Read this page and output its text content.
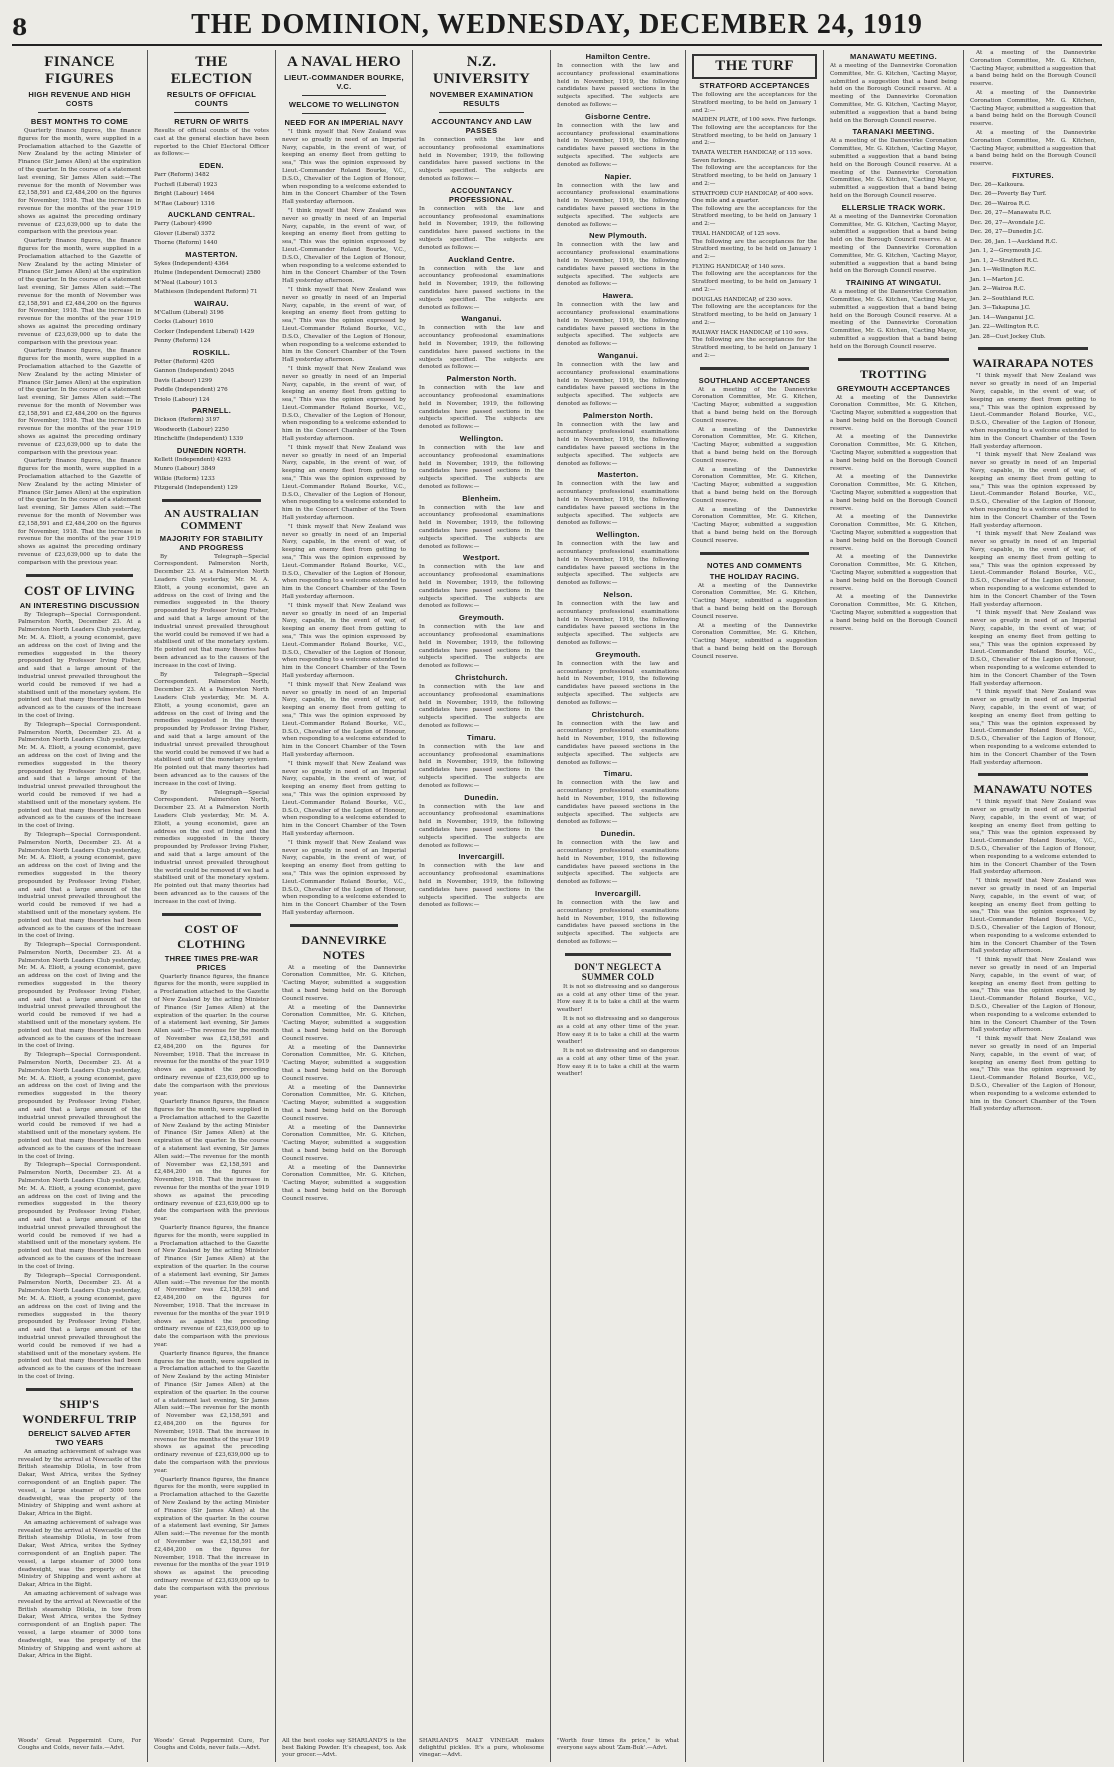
8	THE DOMINION, WEDNESDAY, DECEMBER 24, 1919
FINANCE FIGURES
HIGH REVENUE AND HIGH COSTS
BEST MONTHS TO COME

Quarterly finance figures, the finance figures for the month, were supplied in a Proclamation attached to the Gazette of New Zealand by the acting Minister of Finance (Sir James Allen) at the expiration of the quarter. In the course of a statement last evening, Sir James Allen said:—The revenue for the month of November was £2,158,591 and £2,484,200 on the figures for November, 1918. That the increase in revenue for the months of the year 1919 shows as against the preceding ordinary revenue of £23,639,000 up to date the comparison with the previous year.

Quarterly finance figures, the finance figures for the month, were supplied in a Proclamation attached to the Gazette of New Zealand by the acting Minister of Finance (Sir James Allen) at the expiration of the quarter. In the course of a statement last evening, Sir James Allen said:—The revenue for the month of November was £2,158,591 and £2,484,200 on the figures for November, 1918. That the increase in revenue for the months of the year 1919 shows as against the preceding ordinary revenue of £23,639,000 up to date the comparison with the previous year.

Quarterly finance figures, the finance figures for the month, were supplied in a Proclamation attached to the Gazette of New Zealand by the acting Minister of Finance (Sir James Allen) at the expiration of the quarter. In the course of a statement last evening, Sir James Allen said:—The revenue for the month of November was £2,158,591 and £2,484,200 on the figures for November, 1918. That the increase in revenue for the months of the year 1919 shows as against the preceding ordinary revenue of £23,639,000 up to date the comparison with the previous year.

Quarterly finance figures, the finance figures for the month, were supplied in a Proclamation attached to the Gazette of New Zealand by the acting Minister of Finance (Sir James Allen) at the expiration of the quarter. In the course of a statement last evening, Sir James Allen said:—The revenue for the month of November was £2,158,591 and £2,484,200 on the figures for November, 1918. That the increase in revenue for the months of the year 1919 shows as against the preceding ordinary revenue of £23,639,000 up to date the comparison with the previous year.

COST OF LIVING
AN INTERESTING DISCUSSION

By Telegraph—Special Correspondent. Palmerston North, December 23. At a Palmerston North Leaders Club yesterday, Mr. M. A. Eliott, a young economist, gave an address on the cost of living and the remedies suggested in the theory propounded by Professor Irving Fisher, and said that a large amount of the industrial unrest prevailed throughout the world could be removed if we had a stabilised unit of the monetary system. He pointed out that many theories had been advanced as to the causes of the increase in the cost of living.

By Telegraph—Special Correspondent. Palmerston North, December 23. At a Palmerston North Leaders Club yesterday, Mr. M. A. Eliott, a young economist, gave an address on the cost of living and the remedies suggested in the theory propounded by Professor Irving Fisher, and said that a large amount of the industrial unrest prevailed throughout the world could be removed if we had a stabilised unit of the monetary system. He pointed out that many theories had been advanced as to the causes of the increase in the cost of living.

By Telegraph—Special Correspondent. Palmerston North, December 23. At a Palmerston North Leaders Club yesterday, Mr. M. A. Eliott, a young economist, gave an address on the cost of living and the remedies suggested in the theory propounded by Professor Irving Fisher, and said that a large amount of the industrial unrest prevailed throughout the world could be removed if we had a stabilised unit of the monetary system. He pointed out that many theories had been advanced as to the causes of the increase in the cost of living.

By Telegraph—Special Correspondent. Palmerston North, December 23. At a Palmerston North Leaders Club yesterday, Mr. M. A. Eliott, a young economist, gave an address on the cost of living and the remedies suggested in the theory propounded by Professor Irving Fisher, and said that a large amount of the industrial unrest prevailed throughout the world could be removed if we had a stabilised unit of the monetary system. He pointed out that many theories had been advanced as to the causes of the increase in the cost of living.

By Telegraph—Special Correspondent. Palmerston North, December 23. At a Palmerston North Leaders Club yesterday, Mr. M. A. Eliott, a young economist, gave an address on the cost of living and the remedies suggested in the theory propounded by Professor Irving Fisher, and said that a large amount of the industrial unrest prevailed throughout the world could be removed if we had a stabilised unit of the monetary system. He pointed out that many theories had been advanced as to the causes of the increase in the cost of living.

By Telegraph—Special Correspondent. Palmerston North, December 23. At a Palmerston North Leaders Club yesterday, Mr. M. A. Eliott, a young economist, gave an address on the cost of living and the remedies suggested in the theory propounded by Professor Irving Fisher, and said that a large amount of the industrial unrest prevailed throughout the world could be removed if we had a stabilised unit of the monetary system. He pointed out that many theories had been advanced as to the causes of the increase in the cost of living.

By Telegraph—Special Correspondent. Palmerston North, December 23. At a Palmerston North Leaders Club yesterday, Mr. M. A. Eliott, a young economist, gave an address on the cost of living and the remedies suggested in the theory propounded by Professor Irving Fisher, and said that a large amount of the industrial unrest prevailed throughout the world could be removed if we had a stabilised unit of the monetary system. He pointed out that many theories had been advanced as to the causes of the increase in the cost of living.

SHIP'S WONDERFUL TRIP
DERELICT SALVED AFTER TWO YEARS

An amazing achievement of salvage was revealed by the arrival at Newcastle of the British steamship Dilolia, in tow from Dakar, West Africa, writes the Sydney correspondent of an English paper. The vessel, a large steamer of 3000 tons deadweight, was the property of the Ministry of Shipping and went ashore at Dakar, Africa in the Bight.

An amazing achievement of salvage was revealed by the arrival at Newcastle of the British steamship Dilolia, in tow from Dakar, West Africa, writes the Sydney correspondent of an English paper. The vessel, a large steamer of 3000 tons deadweight, was the property of the Ministry of Shipping and went ashore at Dakar, Africa in the Bight.

An amazing achievement of salvage was revealed by the arrival at Newcastle of the British steamship Dilolia, in tow from Dakar, West Africa, writes the Sydney correspondent of an English paper. The vessel, a large steamer of 3000 tons deadweight, was the property of the Ministry of Shipping and went ashore at Dakar, Africa in the Bight.

Woods' Great Peppermint Cure, For Coughs and Colds, never fails.—Advt.
THE ELECTION
RESULTS OF OFFICIAL COUNTS
RETURN OF WRITS
Results of official counts of the votes cast at the general election have been reported to the Chief Electoral Officer as follows:—
EDEN.
Parr (Reform) 3482
Fuchsfl (Liberal) 1923
Bright (Labour) 1464
M'Rae (Labour) 1316
AUCKLAND CENTRAL.
Parry (Labour) 4990
Glover (Liberal) 3372
Thorne (Reform) 1440
MASTERTON.
Sykes (Independent) 4364
Hulme (Independent Democrat) 2580
M'Neal (Labour) 1013
Mathieson (Independent Reform) 71
WAIRAU.
M'Callum (Liberal) 3196
Cocks (Labour) 1610
Cocker (Independent Liberal) 1429
Penny (Reform) 124
ROSKILL.
Potter (Reform) 4205
Gannon (Independent) 2045
Davis (Labour) 1299
Poddle (Independent) 276
Triolo (Labour) 124
PARNELL.
Dickson (Reform) 3197
Woodworth (Labour) 2250
Hinchcliffe (Independent) 1339
DUNEDIN NORTH.
Kellett (Independent) 4293
Munro (Labour) 3849
Wilkie (Reform) 1233
Fitzgerald (Independent) 129
AN AUSTRALIAN COMMENT
MAJORITY FOR STABILITY AND PROGRESS

By Telegraph—Special Correspondent. Palmerston North, December 23. At a Palmerston North Leaders Club yesterday, Mr. M. A. Eliott, a young economist, gave an address on the cost of living and the remedies suggested in the theory propounded by Professor Irving Fisher, and said that a large amount of the industrial unrest prevailed throughout the world could be removed if we had a stabilised unit of the monetary system. He pointed out that many theories had been advanced as to the causes of the increase in the cost of living.

By Telegraph—Special Correspondent. Palmerston North, December 23. At a Palmerston North Leaders Club yesterday, Mr. M. A. Eliott, a young economist, gave an address on the cost of living and the remedies suggested in the theory propounded by Professor Irving Fisher, and said that a large amount of the industrial unrest prevailed throughout the world could be removed if we had a stabilised unit of the monetary system. He pointed out that many theories had been advanced as to the causes of the increase in the cost of living.

By Telegraph—Special Correspondent. Palmerston North, December 23. At a Palmerston North Leaders Club yesterday, Mr. M. A. Eliott, a young economist, gave an address on the cost of living and the remedies suggested in the theory propounded by Professor Irving Fisher, and said that a large amount of the industrial unrest prevailed throughout the world could be removed if we had a stabilised unit of the monetary system. He pointed out that many theories had been advanced as to the causes of the increase in the cost of living.

COST OF CLOTHING
THREE TIMES PRE-WAR PRICES

Quarterly finance figures, the finance figures for the month, were supplied in a Proclamation attached to the Gazette of New Zealand by the acting Minister of Finance (Sir James Allen) at the expiration of the quarter. In the course of a statement last evening, Sir James Allen said:—The revenue for the month of November was £2,158,591 and £2,484,200 on the figures for November, 1918. That the increase in revenue for the months of the year 1919 shows as against the preceding ordinary revenue of £23,639,000 up to date the comparison with the previous year.

Quarterly finance figures, the finance figures for the month, were supplied in a Proclamation attached to the Gazette of New Zealand by the acting Minister of Finance (Sir James Allen) at the expiration of the quarter. In the course of a statement last evening, Sir James Allen said:—The revenue for the month of November was £2,158,591 and £2,484,200 on the figures for November, 1918. That the increase in revenue for the months of the year 1919 shows as against the preceding ordinary revenue of £23,639,000 up to date the comparison with the previous year.

Quarterly finance figures, the finance figures for the month, were supplied in a Proclamation attached to the Gazette of New Zealand by the acting Minister of Finance (Sir James Allen) at the expiration of the quarter. In the course of a statement last evening, Sir James Allen said:—The revenue for the month of November was £2,158,591 and £2,484,200 on the figures for November, 1918. That the increase in revenue for the months of the year 1919 shows as against the preceding ordinary revenue of £23,639,000 up to date the comparison with the previous year.

Quarterly finance figures, the finance figures for the month, were supplied in a Proclamation attached to the Gazette of New Zealand by the acting Minister of Finance (Sir James Allen) at the expiration of the quarter. In the course of a statement last evening, Sir James Allen said:—The revenue for the month of November was £2,158,591 and £2,484,200 on the figures for November, 1918. That the increase in revenue for the months of the year 1919 shows as against the preceding ordinary revenue of £23,639,000 up to date the comparison with the previous year.

Quarterly finance figures, the finance figures for the month, were supplied in a Proclamation attached to the Gazette of New Zealand by the acting Minister of Finance (Sir James Allen) at the expiration of the quarter. In the course of a statement last evening, Sir James Allen said:—The revenue for the month of November was £2,158,591 and £2,484,200 on the figures for November, 1918. That the increase in revenue for the months of the year 1919 shows as against the preceding ordinary revenue of £23,639,000 up to date the comparison with the previous year.

Woods' Great Peppermint Cure, For Coughs and Colds, never fails.—Advt.
A NAVAL HERO
LIEUT.-COMMANDER BOURKE, V.C.
WELCOME TO WELLINGTON
NEED FOR AN IMPERIAL NAVY

"I think myself that New Zealand was never so greatly in need of an Imperial Navy, capable, in the event of war, of keeping an enemy fleet from getting to sea," This was the opinion expressed by Lieut.-Commander Roland Bourke, V.C., D.S.O., Chevalier of the Legion of Honour, when responding to a welcome extended to him in the Concert Chamber of the Town Hall yesterday afternoon.

"I think myself that New Zealand was never so greatly in need of an Imperial Navy, capable, in the event of war, of keeping an enemy fleet from getting to sea," This was the opinion expressed by Lieut.-Commander Roland Bourke, V.C., D.S.O., Chevalier of the Legion of Honour, when responding to a welcome extended to him in the Concert Chamber of the Town Hall yesterday afternoon.

"I think myself that New Zealand was never so greatly in need of an Imperial Navy, capable, in the event of war, of keeping an enemy fleet from getting to sea," This was the opinion expressed by Lieut.-Commander Roland Bourke, V.C., D.S.O., Chevalier of the Legion of Honour, when responding to a welcome extended to him in the Concert Chamber of the Town Hall yesterday afternoon.

"I think myself that New Zealand was never so greatly in need of an Imperial Navy, capable, in the event of war, of keeping an enemy fleet from getting to sea," This was the opinion expressed by Lieut.-Commander Roland Bourke, V.C., D.S.O., Chevalier of the Legion of Honour, when responding to a welcome extended to him in the Concert Chamber of the Town Hall yesterday afternoon.

"I think myself that New Zealand was never so greatly in need of an Imperial Navy, capable, in the event of war, of keeping an enemy fleet from getting to sea," This was the opinion expressed by Lieut.-Commander Roland Bourke, V.C., D.S.O., Chevalier of the Legion of Honour, when responding to a welcome extended to him in the Concert Chamber of the Town Hall yesterday afternoon.

"I think myself that New Zealand was never so greatly in need of an Imperial Navy, capable, in the event of war, of keeping an enemy fleet from getting to sea," This was the opinion expressed by Lieut.-Commander Roland Bourke, V.C., D.S.O., Chevalier of the Legion of Honour, when responding to a welcome extended to him in the Concert Chamber of the Town Hall yesterday afternoon.

"I think myself that New Zealand was never so greatly in need of an Imperial Navy, capable, in the event of war, of keeping an enemy fleet from getting to sea," This was the opinion expressed by Lieut.-Commander Roland Bourke, V.C., D.S.O., Chevalier of the Legion of Honour, when responding to a welcome extended to him in the Concert Chamber of the Town Hall yesterday afternoon.

"I think myself that New Zealand was never so greatly in need of an Imperial Navy, capable, in the event of war, of keeping an enemy fleet from getting to sea," This was the opinion expressed by Lieut.-Commander Roland Bourke, V.C., D.S.O., Chevalier of the Legion of Honour, when responding to a welcome extended to him in the Concert Chamber of the Town Hall yesterday afternoon.

"I think myself that New Zealand was never so greatly in need of an Imperial Navy, capable, in the event of war, of keeping an enemy fleet from getting to sea," This was the opinion expressed by Lieut.-Commander Roland Bourke, V.C., D.S.O., Chevalier of the Legion of Honour, when responding to a welcome extended to him in the Concert Chamber of the Town Hall yesterday afternoon.

"I think myself that New Zealand was never so greatly in need of an Imperial Navy, capable, in the event of war, of keeping an enemy fleet from getting to sea," This was the opinion expressed by Lieut.-Commander Roland Bourke, V.C., D.S.O., Chevalier of the Legion of Honour, when responding to a welcome extended to him in the Concert Chamber of the Town Hall yesterday afternoon.

DANNEVIRKE NOTES

At a meeting of the Dannevirke Coronation Committee, Mr. G. Kitchen, 'Cacting Mayor, submitted a suggestion that a band being held on the Borough Council reserve.

At a meeting of the Dannevirke Coronation Committee, Mr. G. Kitchen, 'Cacting Mayor, submitted a suggestion that a band being held on the Borough Council reserve.

At a meeting of the Dannevirke Coronation Committee, Mr. G. Kitchen, 'Cacting Mayor, submitted a suggestion that a band being held on the Borough Council reserve.

At a meeting of the Dannevirke Coronation Committee, Mr. G. Kitchen, 'Cacting Mayor, submitted a suggestion that a band being held on the Borough Council reserve.

At a meeting of the Dannevirke Coronation Committee, Mr. G. Kitchen, 'Cacting Mayor, submitted a suggestion that a band being held on the Borough Council reserve.

At a meeting of the Dannevirke Coronation Committee, Mr. G. Kitchen, 'Cacting Mayor, submitted a suggestion that a band being held on the Borough Council reserve.

All the best cooks say SHARLAND'S is the best Baking Powder. It's cheapest, too. Ask your grocer.—Advt.
N.Z. UNIVERSITY
NOVEMBER EXAMINATION RESULTS
ACCOUNTANCY AND LAW PASSES
In connection with the law and accountancy professional examinations held in November, 1919, the following candidates have passed sections in the subjects specified. The subjects are denoted as follows:—
ACCOUNTANCY PROFESSIONAL.
In connection with the law and accountancy professional examinations held in November, 1919, the following candidates have passed sections in the subjects specified. The subjects are denoted as follows:—
Auckland Centre.
In connection with the law and accountancy professional examinations held in November, 1919, the following candidates have passed sections in the subjects specified. The subjects are denoted as follows:—
Wanganui.
In connection with the law and accountancy professional examinations held in November, 1919, the following candidates have passed sections in the subjects specified. The subjects are denoted as follows:—
Palmerston North.
In connection with the law and accountancy professional examinations held in November, 1919, the following candidates have passed sections in the subjects specified. The subjects are denoted as follows:—
Wellington.
In connection with the law and accountancy professional examinations held in November, 1919, the following candidates have passed sections in the subjects specified. The subjects are denoted as follows:—
Blenheim.
In connection with the law and accountancy professional examinations held in November, 1919, the following candidates have passed sections in the subjects specified. The subjects are denoted as follows:—
Westport.
In connection with the law and accountancy professional examinations held in November, 1919, the following candidates have passed sections in the subjects specified. The subjects are denoted as follows:—
Greymouth.
In connection with the law and accountancy professional examinations held in November, 1919, the following candidates have passed sections in the subjects specified. The subjects are denoted as follows:—
Christchurch.
In connection with the law and accountancy professional examinations held in November, 1919, the following candidates have passed sections in the subjects specified. The subjects are denoted as follows:—
Timaru.
In connection with the law and accountancy professional examinations held in November, 1919, the following candidates have passed sections in the subjects specified. The subjects are denoted as follows:—
Dunedin.
In connection with the law and accountancy professional examinations held in November, 1919, the following candidates have passed sections in the subjects specified. The subjects are denoted as follows:—
Invercargill.
In connection with the law and accountancy professional examinations held in November, 1919, the following candidates have passed sections in the subjects specified. The subjects are denoted as follows:—
SHARLAND'S MALT VINEGAR makes delightful pickles. It's a pure, wholesome vinegar.—Advt.
Hamilton Centre.
In connection with the law and accountancy professional examinations held in November, 1919, the following candidates have passed sections in the subjects specified. The subjects are denoted as follows:—
Gisborne Centre.
In connection with the law and accountancy professional examinations held in November, 1919, the following candidates have passed sections in the subjects specified. The subjects are denoted as follows:—
Napier.
In connection with the law and accountancy professional examinations held in November, 1919, the following candidates have passed sections in the subjects specified. The subjects are denoted as follows:—
New Plymouth.
In connection with the law and accountancy professional examinations held in November, 1919, the following candidates have passed sections in the subjects specified. The subjects are denoted as follows:—
Hawera.
In connection with the law and accountancy professional examinations held in November, 1919, the following candidates have passed sections in the subjects specified. The subjects are denoted as follows:—
Wanganui.
In connection with the law and accountancy professional examinations held in November, 1919, the following candidates have passed sections in the subjects specified. The subjects are denoted as follows:—
Palmerston North.
In connection with the law and accountancy professional examinations held in November, 1919, the following candidates have passed sections in the subjects specified. The subjects are denoted as follows:—
Masterton.
In connection with the law and accountancy professional examinations held in November, 1919, the following candidates have passed sections in the subjects specified. The subjects are denoted as follows:—
Wellington.
In connection with the law and accountancy professional examinations held in November, 1919, the following candidates have passed sections in the subjects specified. The subjects are denoted as follows:—
Nelson.
In connection with the law and accountancy professional examinations held in November, 1919, the following candidates have passed sections in the subjects specified. The subjects are denoted as follows:—
Greymouth.
In connection with the law and accountancy professional examinations held in November, 1919, the following candidates have passed sections in the subjects specified. The subjects are denoted as follows:—
Christchurch.
In connection with the law and accountancy professional examinations held in November, 1919, the following candidates have passed sections in the subjects specified. The subjects are denoted as follows:—
Timaru.
In connection with the law and accountancy professional examinations held in November, 1919, the following candidates have passed sections in the subjects specified. The subjects are denoted as follows:—
Dunedin.
In connection with the law and accountancy professional examinations held in November, 1919, the following candidates have passed sections in the subjects specified. The subjects are denoted as follows:—
Invercargill.
In connection with the law and accountancy professional examinations held in November, 1919, the following candidates have passed sections in the subjects specified. The subjects are denoted as follows:—
DON'T NEGLECT A SUMMER COLD

It is not so distressing and so dangerous as a cold at any other time of the year. How easy it is to take a chill at the warm weather!

It is not so distressing and so dangerous as a cold at any other time of the year. How easy it is to take a chill at the warm weather!

It is not so distressing and so dangerous as a cold at any other time of the year. How easy it is to take a chill at the warm weather!

"Worth four times its price," is what everyone says about 'Zam-Buk'.—Advt.
THE TURF
STRATFORD ACCEPTANCES
The following are the acceptances for the Stratford meeting, to be held on January 1 and 2:—
MAIDEN PLATE, of 100 sovs. Five furlongs.
The following are the acceptances for the Stratford meeting, to be held on January 1 and 2:—
TARATA WELTER HANDICAP, of 115 sovs. Seven furlongs.
The following are the acceptances for the Stratford meeting, to be held on January 1 and 2:—
STRATFORD CUP HANDICAP, of 400 sovs. One mile and a quarter.
The following are the acceptances for the Stratford meeting, to be held on January 1 and 2:—
TRIAL HANDICAP, of 125 sovs.
The following are the acceptances for the Stratford meeting, to be held on January 1 and 2:—
FLYING HANDICAP, of 140 sovs.
The following are the acceptances for the Stratford meeting, to be held on January 1 and 2:—
DOUGLAS HANDICAP, of 230 sovs.
The following are the acceptances for the Stratford meeting, to be held on January 1 and 2:—
RAILWAY HACK HANDICAP, of 110 sovs.
The following are the acceptances for the Stratford meeting, to be held on January 1 and 2:—
SOUTHLAND ACCEPTANCES

At a meeting of the Dannevirke Coronation Committee, Mr. G. Kitchen, 'Cacting Mayor, submitted a suggestion that a band being held on the Borough Council reserve.

At a meeting of the Dannevirke Coronation Committee, Mr. G. Kitchen, 'Cacting Mayor, submitted a suggestion that a band being held on the Borough Council reserve.

At a meeting of the Dannevirke Coronation Committee, Mr. G. Kitchen, 'Cacting Mayor, submitted a suggestion that a band being held on the Borough Council reserve.

At a meeting of the Dannevirke Coronation Committee, Mr. G. Kitchen, 'Cacting Mayor, submitted a suggestion that a band being held on the Borough Council reserve.

NOTES AND COMMENTS
THE HOLIDAY RACING.

At a meeting of the Dannevirke Coronation Committee, Mr. G. Kitchen, 'Cacting Mayor, submitted a suggestion that a band being held on the Borough Council reserve.

At a meeting of the Dannevirke Coronation Committee, Mr. G. Kitchen, 'Cacting Mayor, submitted a suggestion that a band being held on the Borough Council reserve.

MANAWATU MEETING.
At a meeting of the Dannevirke Coronation Committee, Mr. G. Kitchen, 'Cacting Mayor, submitted a suggestion that a band being held on the Borough Council reserve. At a meeting of the Dannevirke Coronation Committee, Mr. G. Kitchen, 'Cacting Mayor, submitted a suggestion that a band being held on the Borough Council reserve.
TARANAKI MEETING.
At a meeting of the Dannevirke Coronation Committee, Mr. G. Kitchen, 'Cacting Mayor, submitted a suggestion that a band being held on the Borough Council reserve. At a meeting of the Dannevirke Coronation Committee, Mr. G. Kitchen, 'Cacting Mayor, submitted a suggestion that a band being held on the Borough Council reserve.
ELLERSLIE TRACK WORK.
At a meeting of the Dannevirke Coronation Committee, Mr. G. Kitchen, 'Cacting Mayor, submitted a suggestion that a band being held on the Borough Council reserve. At a meeting of the Dannevirke Coronation Committee, Mr. G. Kitchen, 'Cacting Mayor, submitted a suggestion that a band being held on the Borough Council reserve.
TRAINING AT WINGATUI.
At a meeting of the Dannevirke Coronation Committee, Mr. G. Kitchen, 'Cacting Mayor, submitted a suggestion that a band being held on the Borough Council reserve. At a meeting of the Dannevirke Coronation Committee, Mr. G. Kitchen, 'Cacting Mayor, submitted a suggestion that a band being held on the Borough Council reserve.
TROTTING
GREYMOUTH ACCEPTANCES

At a meeting of the Dannevirke Coronation Committee, Mr. G. Kitchen, 'Cacting Mayor, submitted a suggestion that a band being held on the Borough Council reserve.

At a meeting of the Dannevirke Coronation Committee, Mr. G. Kitchen, 'Cacting Mayor, submitted a suggestion that a band being held on the Borough Council reserve.

At a meeting of the Dannevirke Coronation Committee, Mr. G. Kitchen, 'Cacting Mayor, submitted a suggestion that a band being held on the Borough Council reserve.

At a meeting of the Dannevirke Coronation Committee, Mr. G. Kitchen, 'Cacting Mayor, submitted a suggestion that a band being held on the Borough Council reserve.

At a meeting of the Dannevirke Coronation Committee, Mr. G. Kitchen, 'Cacting Mayor, submitted a suggestion that a band being held on the Borough Council reserve.

At a meeting of the Dannevirke Coronation Committee, Mr. G. Kitchen, 'Cacting Mayor, submitted a suggestion that a band being held on the Borough Council reserve.

At a meeting of the Dannevirke Coronation Committee, Mr. G. Kitchen, 'Cacting Mayor, submitted a suggestion that a band being held on the Borough Council reserve.

At a meeting of the Dannevirke Coronation Committee, Mr. G. Kitchen, 'Cacting Mayor, submitted a suggestion that a band being held on the Borough Council reserve.

At a meeting of the Dannevirke Coronation Committee, Mr. G. Kitchen, 'Cacting Mayor, submitted a suggestion that a band being held on the Borough Council reserve.

FIXTURES.
Dec. 26—Kaikoura.
Dec. 26—Poverty Bay Turf.
Dec. 26—Wairoa R.C.
Dec. 26, 27—Manawatu R.C.
Dec. 26, 27—Avondale J.C.
Dec. 26, 27—Dunedin J.C.
Dec. 26, Jan. 1—Auckland R.C.
Jan. 1, 2—Greymouth J.C.
Jan. 1, 2—Stratford R.C.
Jan. 1—Wellington R.C.
Jan. 1—Marton J.C.
Jan. 2—Wairoa R.C.
Jan. 2—Southland R.C.
Jan. 3—Takapuna J.C.
Jan. 14—Wanganui J.C.
Jan. 22—Wellington R.C.
Jan. 28—Cust Jockey Club.
WAIRARAPA NOTES

"I think myself that New Zealand was never so greatly in need of an Imperial Navy, capable, in the event of war, of keeping an enemy fleet from getting to sea," This was the opinion expressed by Lieut.-Commander Roland Bourke, V.C., D.S.O., Chevalier of the Legion of Honour, when responding to a welcome extended to him in the Concert Chamber of the Town Hall yesterday afternoon.

"I think myself that New Zealand was never so greatly in need of an Imperial Navy, capable, in the event of war, of keeping an enemy fleet from getting to sea," This was the opinion expressed by Lieut.-Commander Roland Bourke, V.C., D.S.O., Chevalier of the Legion of Honour, when responding to a welcome extended to him in the Concert Chamber of the Town Hall yesterday afternoon.

"I think myself that New Zealand was never so greatly in need of an Imperial Navy, capable, in the event of war, of keeping an enemy fleet from getting to sea," This was the opinion expressed by Lieut.-Commander Roland Bourke, V.C., D.S.O., Chevalier of the Legion of Honour, when responding to a welcome extended to him in the Concert Chamber of the Town Hall yesterday afternoon.

"I think myself that New Zealand was never so greatly in need of an Imperial Navy, capable, in the event of war, of keeping an enemy fleet from getting to sea," This was the opinion expressed by Lieut.-Commander Roland Bourke, V.C., D.S.O., Chevalier of the Legion of Honour, when responding to a welcome extended to him in the Concert Chamber of the Town Hall yesterday afternoon.

"I think myself that New Zealand was never so greatly in need of an Imperial Navy, capable, in the event of war, of keeping an enemy fleet from getting to sea," This was the opinion expressed by Lieut.-Commander Roland Bourke, V.C., D.S.O., Chevalier of the Legion of Honour, when responding to a welcome extended to him in the Concert Chamber of the Town Hall yesterday afternoon.

MANAWATU NOTES

"I think myself that New Zealand was never so greatly in need of an Imperial Navy, capable, in the event of war, of keeping an enemy fleet from getting to sea," This was the opinion expressed by Lieut.-Commander Roland Bourke, V.C., D.S.O., Chevalier of the Legion of Honour, when responding to a welcome extended to him in the Concert Chamber of the Town Hall yesterday afternoon.

"I think myself that New Zealand was never so greatly in need of an Imperial Navy, capable, in the event of war, of keeping an enemy fleet from getting to sea," This was the opinion expressed by Lieut.-Commander Roland Bourke, V.C., D.S.O., Chevalier of the Legion of Honour, when responding to a welcome extended to him in the Concert Chamber of the Town Hall yesterday afternoon.

"I think myself that New Zealand was never so greatly in need of an Imperial Navy, capable, in the event of war, of keeping an enemy fleet from getting to sea," This was the opinion expressed by Lieut.-Commander Roland Bourke, V.C., D.S.O., Chevalier of the Legion of Honour, when responding to a welcome extended to him in the Concert Chamber of the Town Hall yesterday afternoon.

"I think myself that New Zealand was never so greatly in need of an Imperial Navy, capable, in the event of war, of keeping an enemy fleet from getting to sea," This was the opinion expressed by Lieut.-Commander Roland Bourke, V.C., D.S.O., Chevalier of the Legion of Honour, when responding to a welcome extended to him in the Concert Chamber of the Town Hall yesterday afternoon.
